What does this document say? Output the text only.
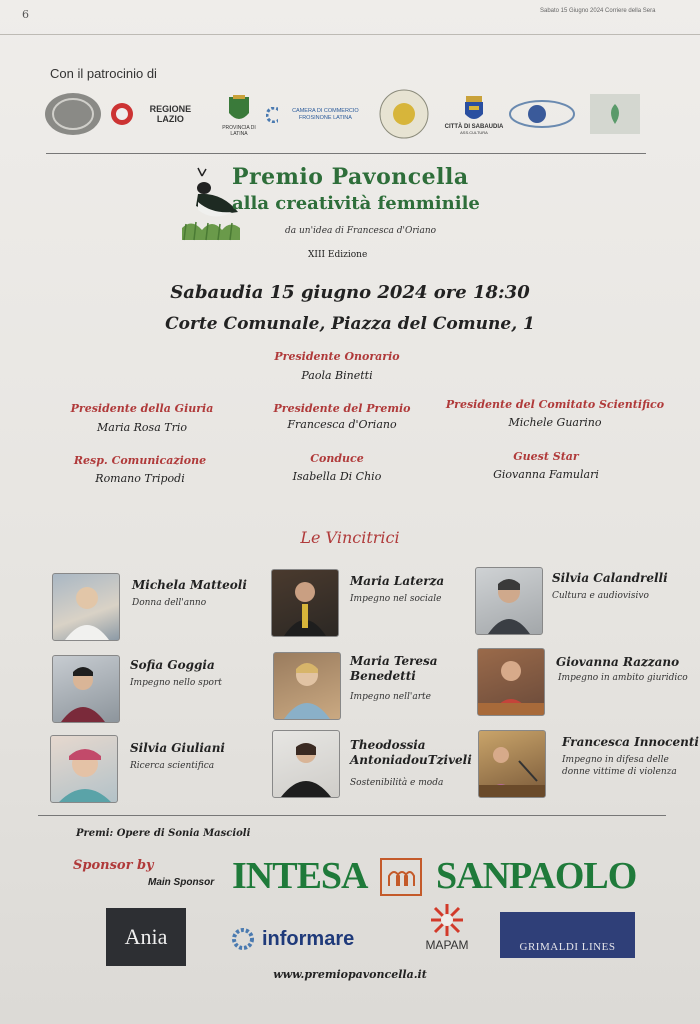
6	Sabato 15 Giugno 2024 Corriere della Sera
Con il patrocinio di
REGIONE LAZIO
PROVINCIA DI LATINA
CAMERA DI COMMERCIO FROSINONE LATINA
CITTÀ DI SABAUDIA
ASS.CULTURA
Premio Pavoncella
alla creatività femminile
da un'idea di Francesca d'Oriano
XIII Edizione
Sabaudia 15 giugno 2024 ore 18:30
Corte Comunale, Piazza del Comune, 1
Presidente Onorario
Paola Binetti
Presidente della Giuria
Maria Rosa Trio
Presidente del Premio
Francesca d'Oriano
Presidente del Comitato Scientifico
Michele Guarino
Resp. Comunicazione
Romano Tripodi
Conduce
Isabella Di Chio
Guest Star
Giovanna Famulari
Le Vincitrici
Michela Matteoli
Donna dell'anno
Maria Laterza
Impegno nel sociale
Silvia Calandrelli
Cultura e audiovisivo
Sofia Goggia
Impegno nello sport
Maria Teresa Benedetti
Impegno nell'arte
Giovanna Razzano
Impegno in ambito giuridico
Silvia Giuliani
Ricerca scientifica
Theodossia AntoniadouTziveli
Sostenibilità e moda
Francesca Innocenti
Impegno in difesa delle donne vittime di violenza
Premi: Opere di Sonia Mascioli
Sponsor by
Main Sponsor INTESA SANPAOLO
Ania	informare	MAPAM	GRIMALDI LINES
www.premiopavoncella.it
